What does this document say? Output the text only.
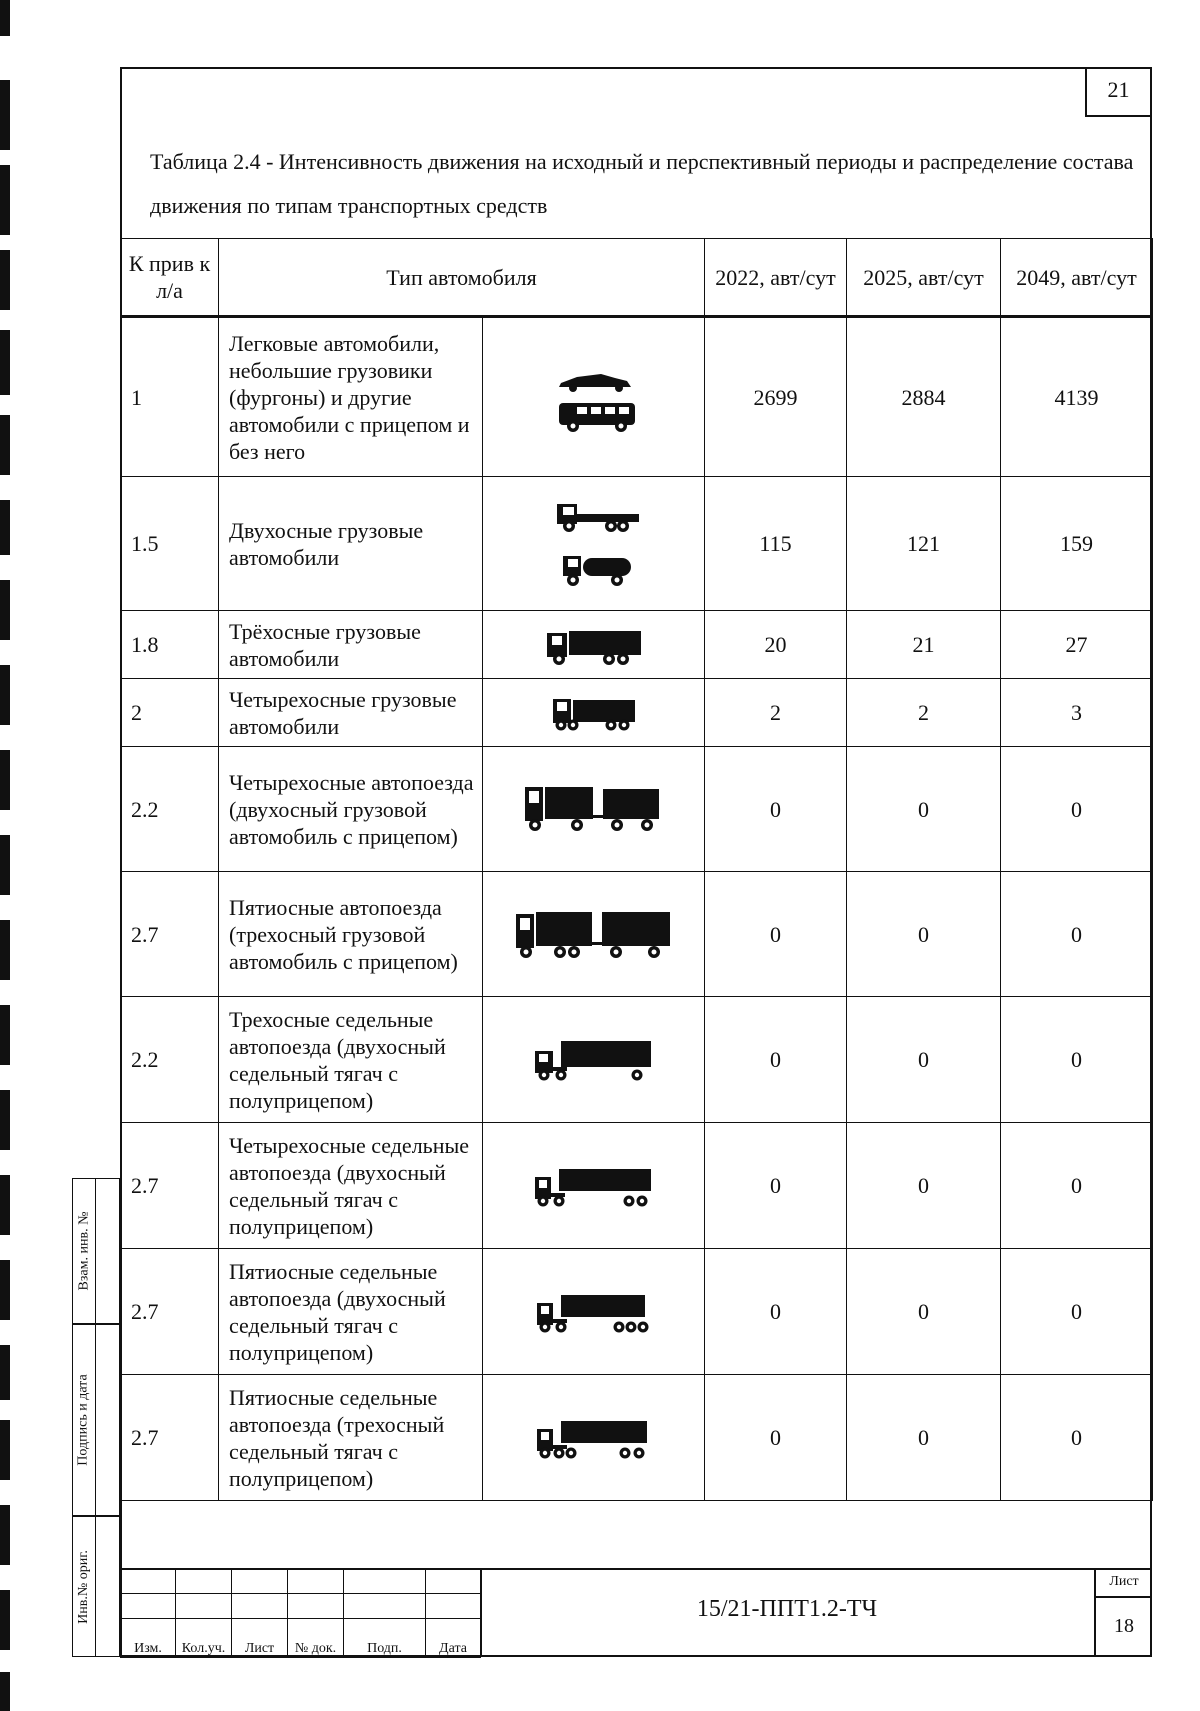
21
Таблица 2.4 - Интенсивность движения на исходный и перспективный периоды и распределение состава движения по типам транспортных средств
К прив к л/а	Тип автомобиля		2022, авт/сут	2025, авт/сут	2049, авт/сут
1	Легковые автомобили, небольшие грузовики (фургоны) и другие автомобили с прицепом и без него		2699	2884	4139
1.5	Двухосные грузовые автомобили		115	121	159
1.8	Трёхосные грузовые автомобили		20	21	27
2	Четырехосные грузовые автомобили		2	2	3
2.2	Четырехосные автопоезда (двухосный грузовой автомобиль с прицепом)		0	0	0
2.7	Пятиосные автопоезда (трехосный грузовой автомобиль с прицепом)		0	0	0
2.2	Трехосные седельные автопоезда (двухосный седельный тягач с полуприцепом)		0	0	0
2.7	Четырехосные седельные автопоезда (двухосный седельный тягач с полуприцепом)		0	0	0
2.7	Пятиосные седельные автопоезда (двухосный седельный тягач с полуприцепом)		0	0	0
2.7	Пятиосные седельные автопоезда (трехосный седельный тягач с полуприцепом)		0	0	0
Взам. инв. №
Подпись и дата
Инв.№ ориг.

Изм.	Кол.уч.	Лист	№ док.	Подп.	Дата
15/21-ППТ1.2-ТЧ
Лист
18
